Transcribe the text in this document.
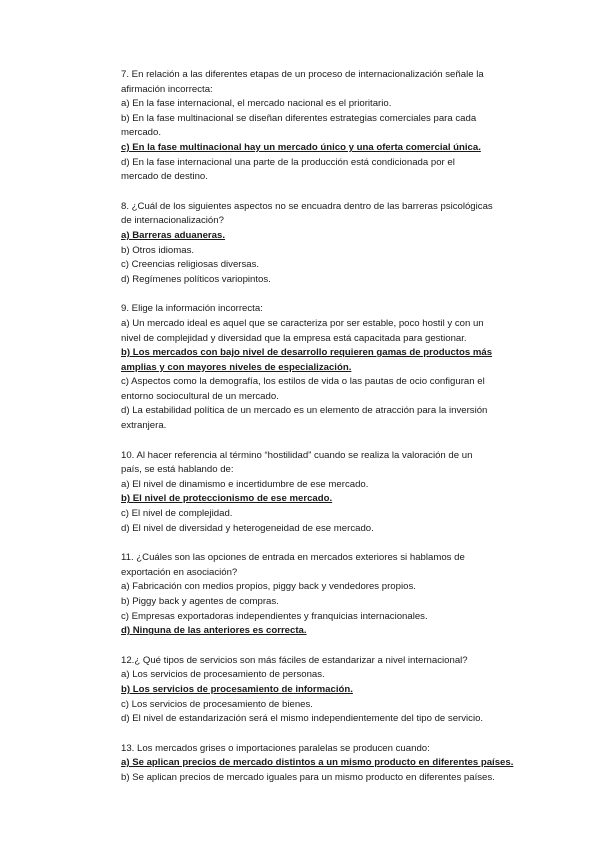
7. En relación a las diferentes etapas de un proceso de internacionalización señale la
afirmación incorrecta:
a) En la fase internacional, el mercado nacional es el prioritario.
b) En la fase multinacional se diseñan diferentes estrategias comerciales para cada
mercado.
c) En la fase multinacional hay un mercado único y una oferta comercial única.
d) En la fase internacional una parte de la producción está condicionada por el
mercado de destino.
8. ¿Cuál de los siguientes aspectos no se encuadra dentro de las barreras psicológicas
de internacionalización?
a) Barreras aduaneras.
b) Otros idiomas.
c) Creencias religiosas diversas.
d) Regímenes políticos variopintos.
9. Elige la información incorrecta:
a) Un mercado ideal es aquel que se caracteriza por ser estable, poco hostil y con un
nivel de complejidad y diversidad que la empresa está capacitada para gestionar.
b) Los mercados con bajo nivel de desarrollo requieren gamas de productos más
amplias y con mayores niveles de especialización.
c) Aspectos como la demografía, los estilos de vida o las pautas de ocio configuran el
entorno sociocultural de un mercado.
d) La estabilidad política de un mercado es un elemento de atracción para la inversión
extranjera.
10. Al hacer referencia al término “hostilidad” cuando se realiza la valoración de un
país, se está hablando de:
a) El nivel de dinamismo e incertidumbre de ese mercado.
b) El nivel de proteccionismo de ese mercado.
c) El nivel de complejidad.
d) El nivel de diversidad y heterogeneidad de ese mercado.
11. ¿Cuáles son las opciones de entrada en mercados exteriores si hablamos de
exportación en asociación?
a) Fabricación con medios propios, piggy back y vendedores propios.
b) Piggy back y agentes de compras.
c) Empresas exportadoras independientes y franquicias internacionales.
d) Ninguna de las anteriores es correcta.
12.¿ Qué tipos de servicios son más fáciles de estandarizar a nivel internacional?
a) Los servicios de procesamiento de personas.
b) Los servicios de procesamiento de información.
c) Los servicios de procesamiento de bienes.
d) El nivel de estandarización será el mismo independientemente del tipo de servicio.
13. Los mercados grises o importaciones paralelas se producen cuando:
a) Se aplican precios de mercado distintos a un mismo producto en diferentes países.
b) Se aplican precios de mercado iguales para un mismo producto en diferentes países.
